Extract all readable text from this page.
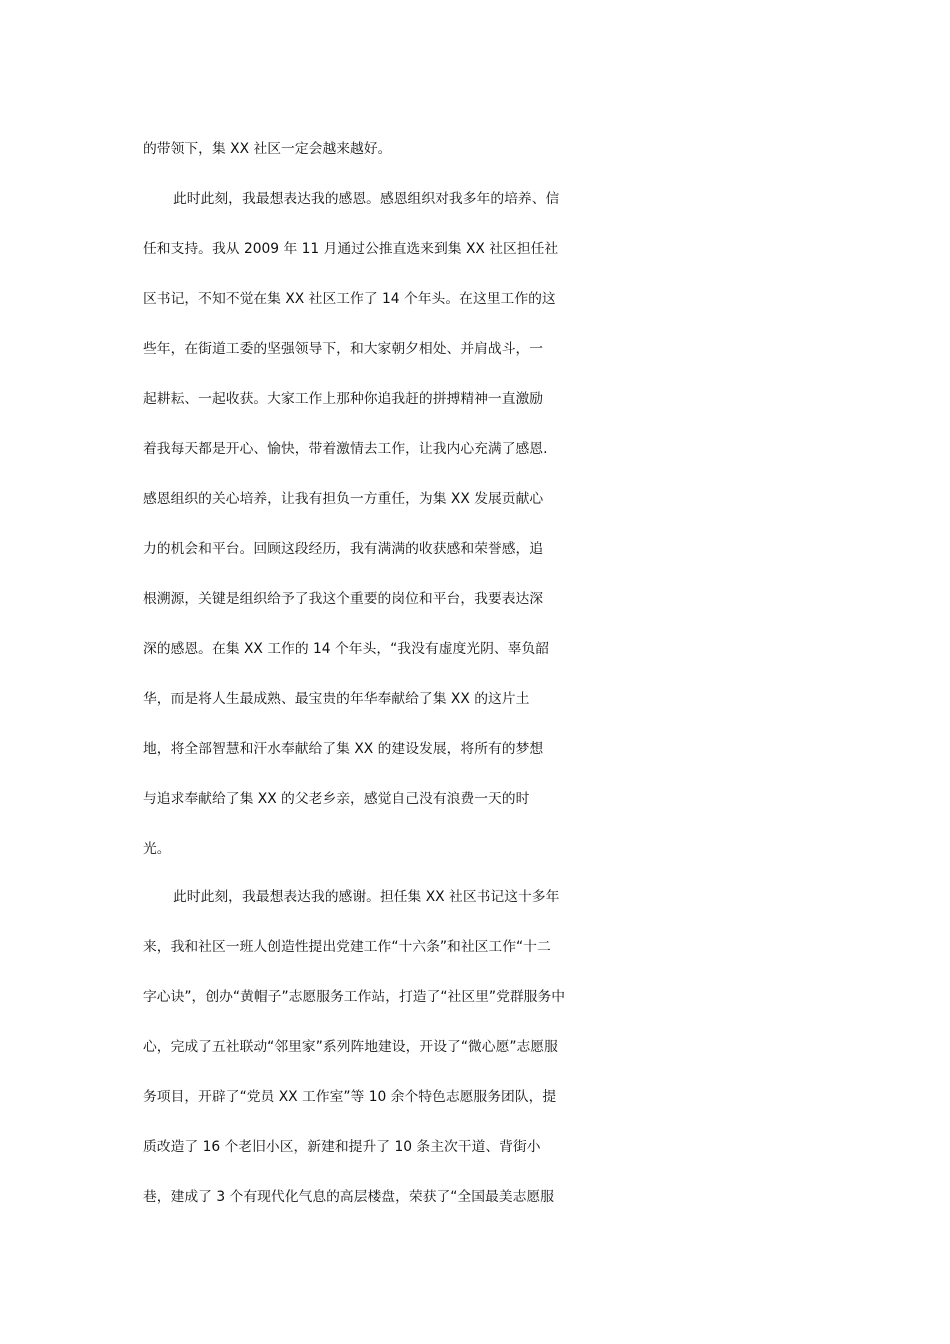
的带领下，集 XX 社区一定会越来越好。
此时此刻，我最想表达我的感恩。感恩组织对我多年的培养、信
任和支持。我从 2009 年 11 月通过公推直选来到集 XX 社区担任社
区书记，不知不觉在集 XX 社区工作了 14 个年头。在这里工作的这
些年，在街道工委的坚强领导下，和大家朝夕相处、并肩战斗，一
起耕耘、一起收获。大家工作上那种你追我赶的拼搏精神一直激励
着我每天都是开心、愉快，带着激情去工作，让我内心充满了感恩.
感恩组织的关心培养，让我有担负一方重任，为集 XX 发展贡献心
力的机会和平台。回顾这段经历，我有满满的收获感和荣誉感，追
根溯源，关键是组织给予了我这个重要的岗位和平台，我要表达深
深的感恩。在集 XX 工作的 14 个年头，“我没有虚度光阴、辜负韶
华，而是将人生最成熟、最宝贵的年华奉献给了集 XX 的这片土
地，将全部智慧和汗水奉献给了集 XX 的建设发展，将所有的梦想
与追求奉献给了集 XX 的父老乡亲，感觉自己没有浪费一天的时
光。
此时此刻，我最想表达我的感谢。担任集 XX 社区书记这十多年
来，我和社区一班人创造性提出党建工作“十六条”和社区工作“十二
字心诀”，创办“黄帽子”志愿服务工作站，打造了“社区里”党群服务中
心，完成了五社联动“邻里家”系列阵地建设，开设了“微心愿”志愿服
务项目，开辟了“党员 XX 工作室”等 10 余个特色志愿服务团队，提
质改造了 16 个老旧小区，新建和提升了 10 条主次干道、背街小
巷，建成了 3 个有现代化气息的高层楼盘，荣获了“全国最美志愿服
